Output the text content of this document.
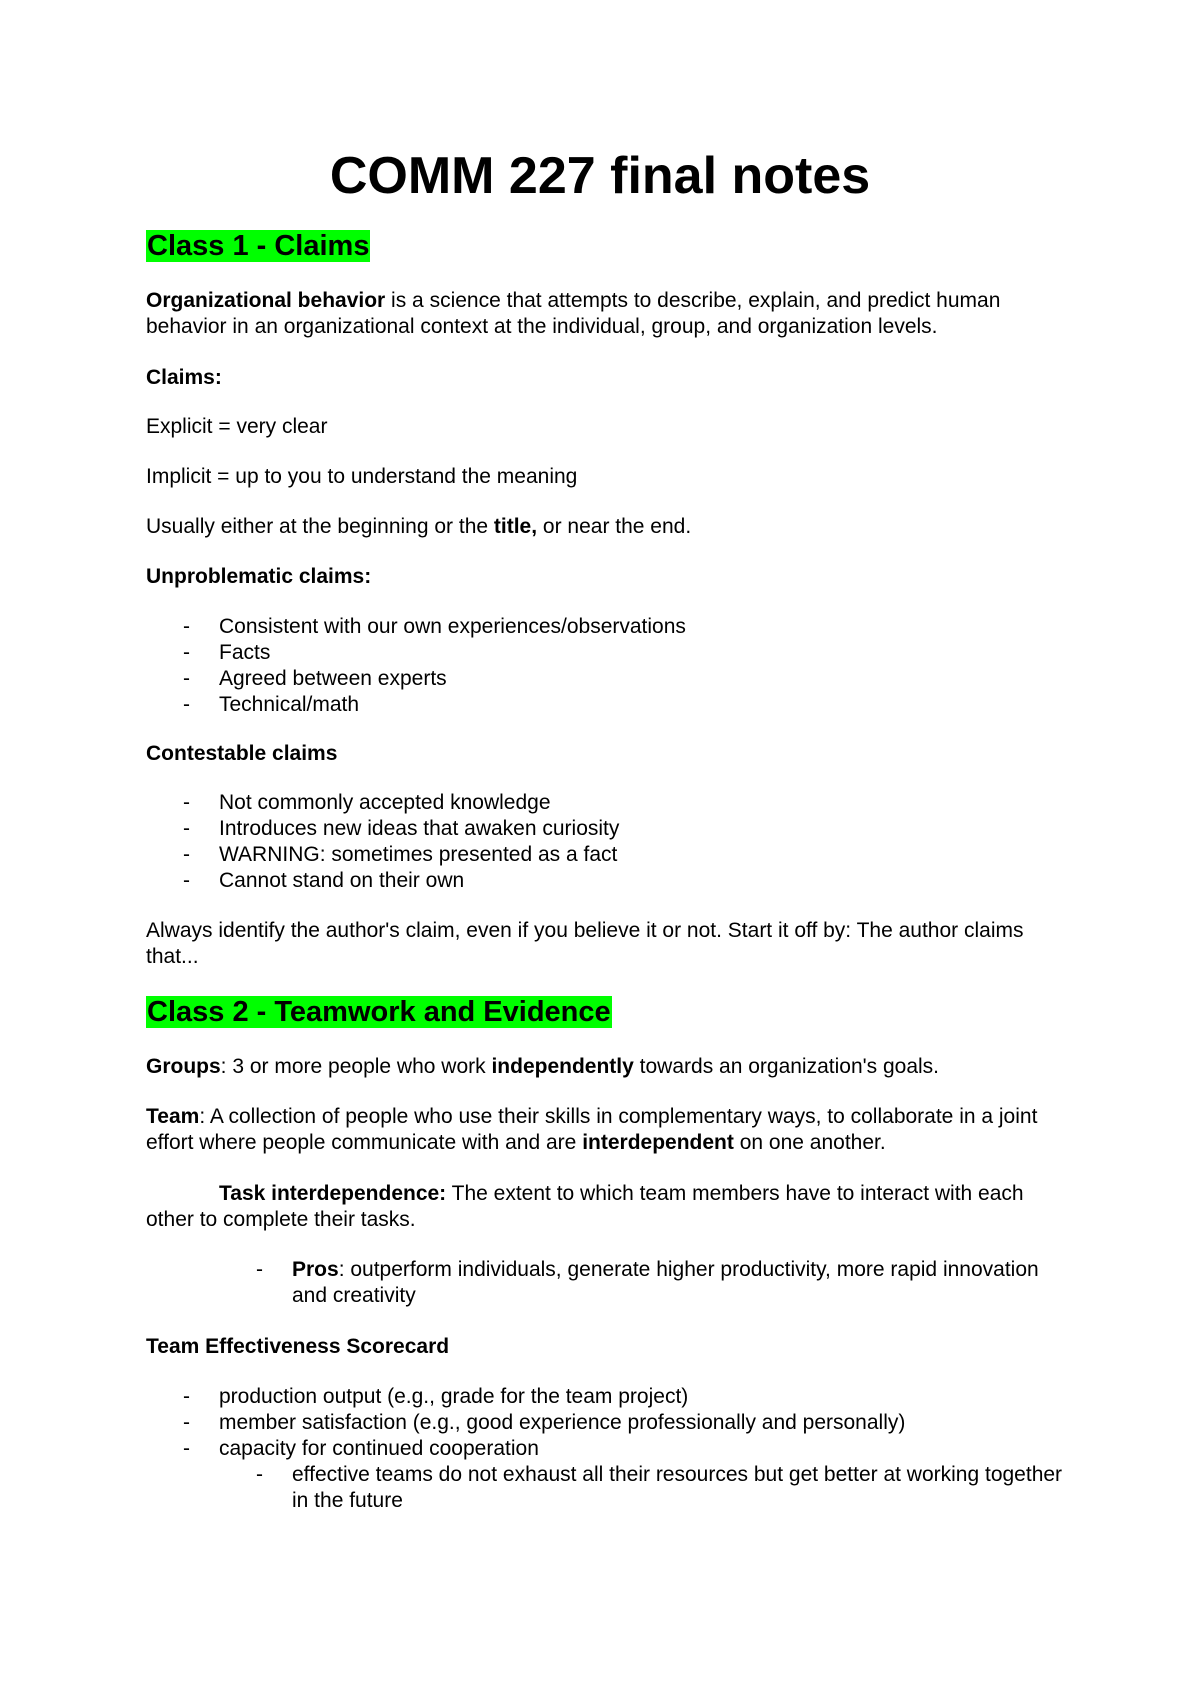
COMM 227 final notes
Class 1 - Claims

Organizational behavior is a science that attempts to describe, explain, and predict human behavior in an organizational context at the individual, group, and organization levels.

Claims:

Explicit = very clear

Implicit = up to you to understand the meaning

Usually either at the beginning or the title, or near the end.

Unproblematic claims:

- Consistent with our own experiences/observations
- Facts
- Agreed between experts
- Technical/math

Contestable claims

- Not commonly accepted knowledge
- Introduces new ideas that awaken curiosity
- WARNING: sometimes presented as a fact
- Cannot stand on their own

Always identify the author's claim, even if you believe it or not. Start it off by: The author claims that...

Class 2 - Teamwork and Evidence

Groups: 3 or more people who work independently towards an organization's goals.

Team: A collection of people who use their skills in complementary ways, to collaborate in a joint effort where people communicate with and are interdependent on one another.

Task interdependence: The extent to which team members have to interact with each other to complete their tasks.

- Pros: outperform individuals, generate higher productivity, more rapid innovation and creativity

Team Effectiveness Scorecard

- production output (e.g., grade for the team project)
- member satisfaction (e.g., good experience professionally and personally)
- capacity for continued cooperation
- effective teams do not exhaust all their resources but get better at working together in the future
